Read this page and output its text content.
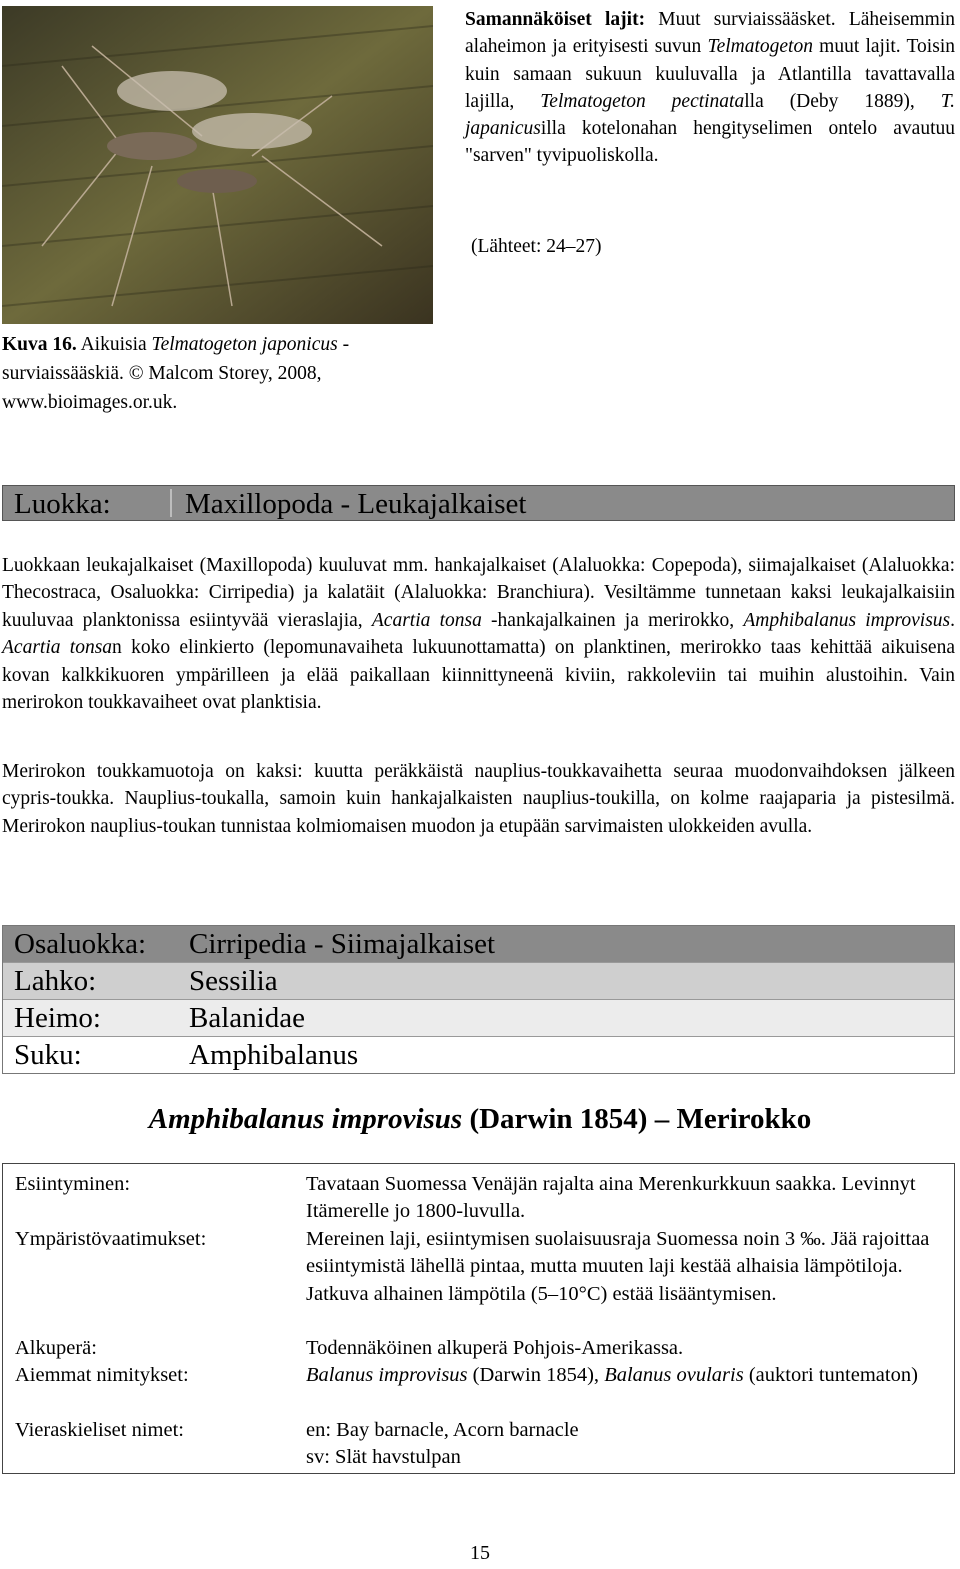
Samannäköiset lajit: Muut surviaissääsket. Läheisemmin alaheimon ja erityisesti suvun Telmatogeton muut lajit. Toisin kuin samaan sukuun kuuluvalla ja Atlantilla tavattavalla lajilla, Telmatogeton pectinatalla (Deby 1889), T. japanicusilla kotelonahan hengityselimen ontelo avautuu "sarven" tyvipuoliskolla.
(Lähteet: 24–27)
Kuva 16. Aikuisia Telmatogeton japonicus -surviaissääskiä. © Malcom Storey, 2008, www.bioimages.or.uk.
Luokka:	Maxillopoda - Leukajalkaiset
Luokkaan leukajalkaiset (Maxillopoda) kuuluvat mm. hankajalkaiset (Alaluokka: Copepoda), siimajalkaiset (Alaluokka: Thecostraca, Osaluokka: Cirripedia) ja kalatäit (Alaluokka: Branchiura). Vesiltämme tunnetaan kaksi leukajalkaisiin kuuluvaa planktonissa esiintyvää vieraslajia, Acartia tonsa -hankajalkainen ja merirokko, Amphibalanus improvisus. Acartia tonsan koko elinkierto (lepomunavaiheta lukuunottamatta) on planktinen, merirokko taas kehittää aikuisena kovan kalkkikuoren ympärilleen ja elää paikallaan kiinnittyneenä kiviin, rakkoleviin tai muihin alustoihin. Vain merirokon toukkavaiheet ovat planktisia.
Merirokon toukkamuotoja on kaksi: kuutta peräkkäistä nauplius-toukkavaihetta seuraa muodonvaihdoksen jälkeen cypris-toukka. Nauplius-toukalla, samoin kuin hankajalkaisten nauplius-toukilla, on kolme raajaparia ja pistesilmä. Merirokon nauplius-toukan tunnistaa kolmiomaisen muodon ja etupään sarvimaisten ulokkeiden avulla.
Osaluokka:	Cirripedia - Siimajalkaiset
Lahko:	Sessilia
Heimo:	Balanidae
Suku:	Amphibalanus
Amphibalanus improvisus (Darwin 1854) – Merirokko
Esiintyminen:	Tavataan Suomessa Venäjän rajalta aina Merenkurkkuun saakka. Levinnyt Itämerelle jo 1800-luvulla.
Ympäristövaatimukset:	Mereinen laji, esiintymisen suolaisuusraja Suomessa noin 3 ‰. Jää rajoittaa esiintymistä lähellä pintaa, mutta muuten laji kestää alhaisia lämpötiloja. Jatkuva alhainen lämpötila (5–10°C) estää lisääntymisen.
Alkuperä:	Todennäköinen alkuperä Pohjois-Amerikassa.
Aiemmat nimitykset:	Balanus improvisus (Darwin 1854), Balanus ovularis (auktori tuntematon)
Vieraskieliset nimet:	en: Bay barnacle, Acorn barnacle
sv: Slät havstulpan
15
